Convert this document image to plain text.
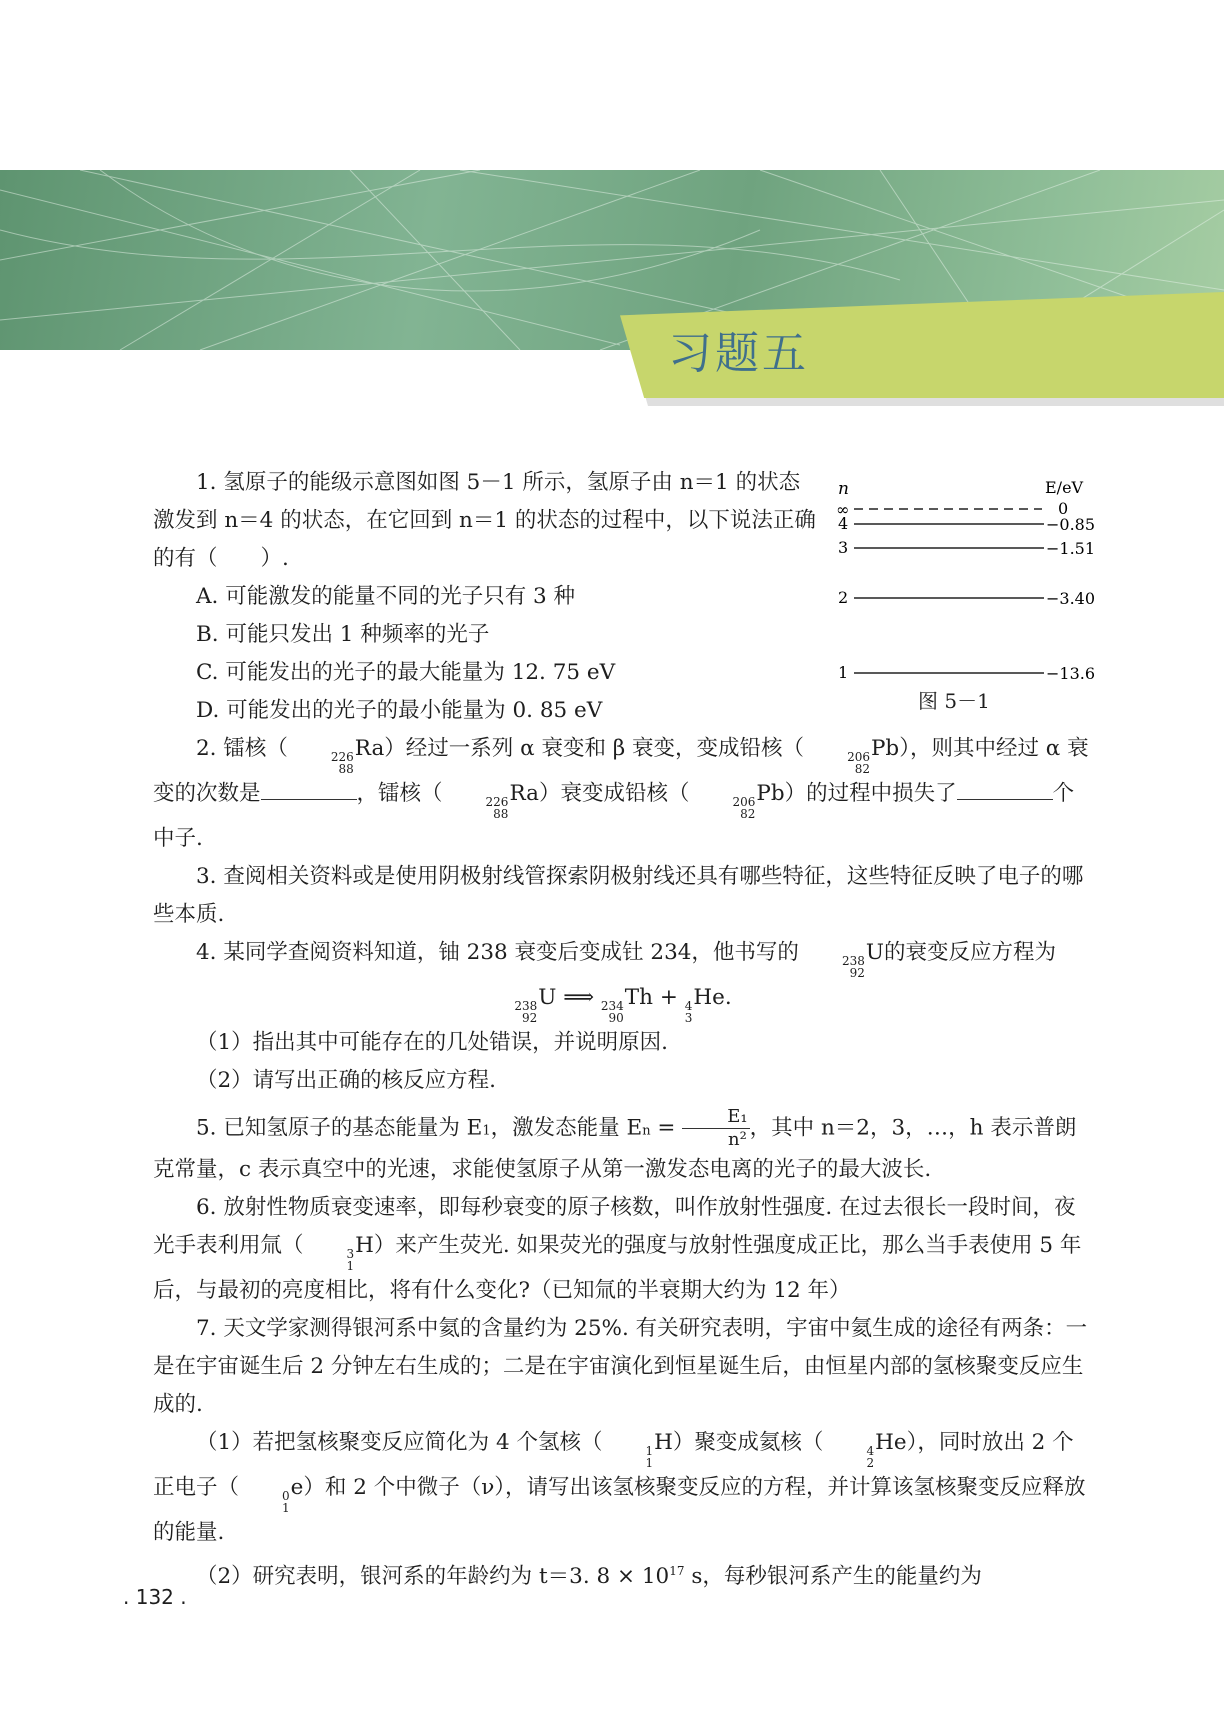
习题五
n	E/eV
∞	0
4	−0.85
3	−1.51
2	−3.40
1	−13.6
图 5－1

1. 氢原子的能级示意图如图 5－1 所示，氢原子由 n＝1 的状态激发到 n＝4 的状态，在它回到 n＝1 的状态的过程中，以下说法正确的有（　　）.

A. 可能激发的能量不同的光子只有 3 种

B. 可能只发出 1 种频率的光子

C. 可能发出的光子的最大能量为 12. 75 eV

D. 可能发出的光子的最小能量为 0. 85 eV

2. 镭核（	226
88
Ra）经过一系列 α 衰变和 β 衰变，变成铅核（	206
82
Pb），则其中经过 α 衰变的次数是	，镭核（	226
88
Ra）衰变成铅核（	206
82
Pb）的过程中损失了	个中子.

3. 查阅相关资料或是使用阴极射线管探索阴极射线还具有哪些特征，这些特征反映了电子的哪些本质.

4. 某同学查阅资料知道，铀 238 衰变后变成钍 234，他书写的	238
92
U的衰变反应方程为

238
92
U ⟹ 234
90
Th + 4
3
He.

（1）指出其中可能存在的几处错误，并说明原因.

（2）请写出正确的核反应方程.

5. 已知氢原子的基态能量为 E1，激发态能量 $En = \frac{\text{E₁}}{\text{n²}}$ ，其中 n＝2，3，…，h 表示普朗克常量，c 表示真空中的光速，求能使氢原子从第一激发态电离的光子的最大波长.

6. 放射性物质衰变速率，即每秒衰变的原子核数，叫作放射性强度. 在过去很长一段时间，夜光手表利用氚（	3
1
H）来产生荧光. 如果荧光的强度与放射性强度成正比，那么当手表使用 5 年后，与最初的亮度相比，将有什么变化?（已知氚的半衰期大约为 12 年）

7. 天文学家测得银河系中氦的含量约为 25%. 有关研究表明，宇宙中氦生成的途径有两条：一是在宇宙诞生后 2 分钟左右生成的；二是在宇宙演化到恒星诞生后，由恒星内部的氢核聚变反应生成的.

（1）若把氢核聚变反应简化为 4 个氢核（	1
1
H）聚变成氦核（	4
2
He），同时放出 2 个正电子（	0
1
e）和 2 个中微子（ν），请写出该氢核聚变反应的方程，并计算该氢核聚变反应释放的能量.

（2）研究表明，银河系的年龄约为 t＝3. $8 \times 10^{17}$ s，每秒银河系产生的能量约为

. 132 .
